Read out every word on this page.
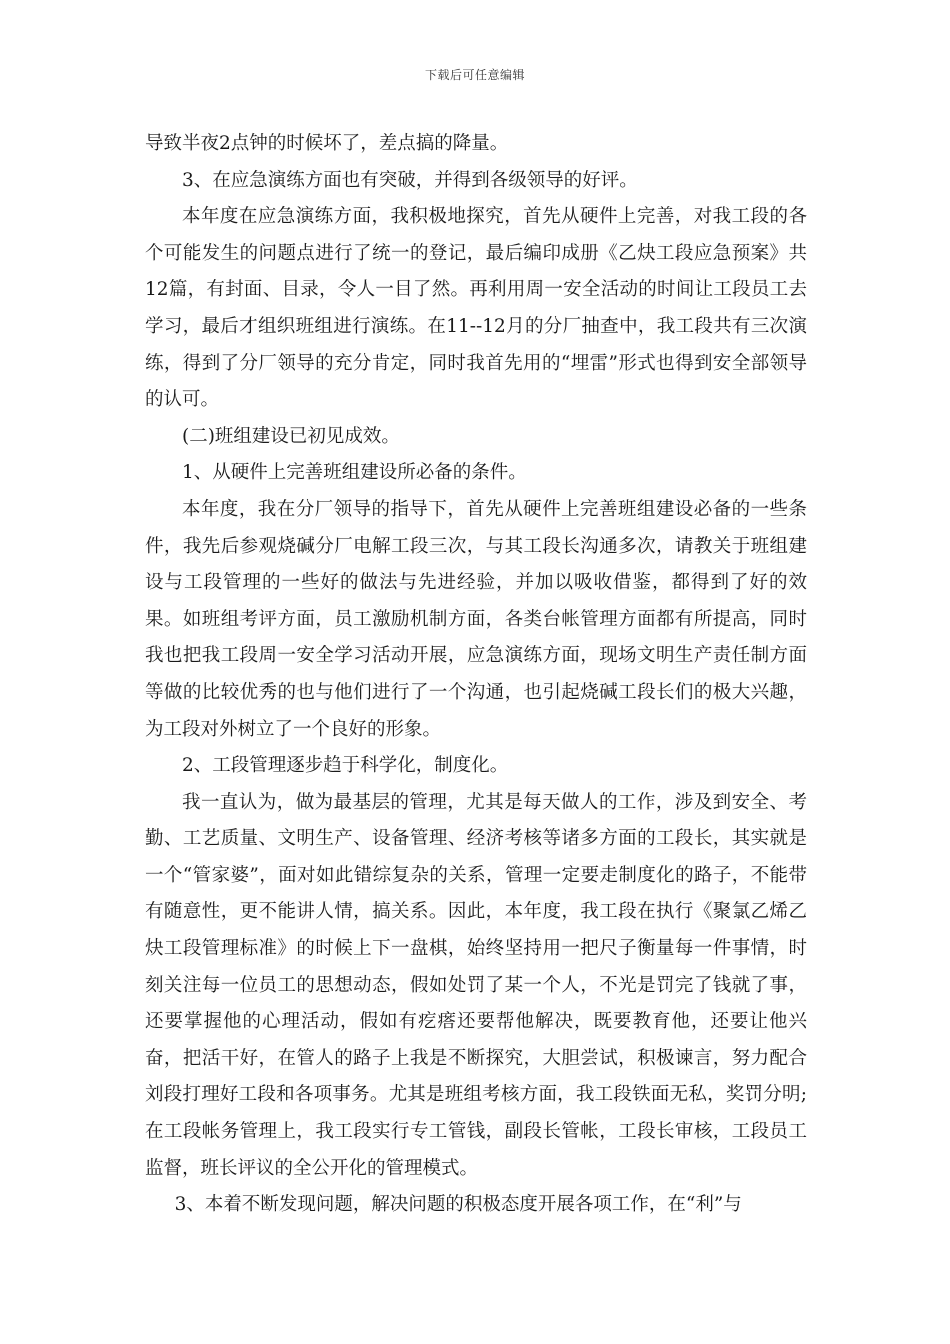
下载后可任意编辑

导致半夜2点钟的时候坏了，差点搞的降量。

3、在应急演练方面也有突破，并得到各级领导的好评。

本年度在应急演练方面，我积极地探究，首先从硬件上完善，对我工段的各个可能发生的问题点进行了统一的登记，最后编印成册《乙炔工段应急预案》共12篇，有封面、目录，令人一目了然。再利用周一安全活动的时间让工段员工去学习，最后才组织班组进行演练。在11--12月的分厂抽查中，我工段共有三次演练，得到了分厂领导的充分肯定，同时我首先用的“埋雷”形式也得到安全部领导的认可。

(二)班组建设已初见成效。

1、从硬件上完善班组建设所必备的条件。

本年度，我在分厂领导的指导下，首先从硬件上完善班组建设必备的一些条件，我先后参观烧碱分厂电解工段三次，与其工段长沟通多次，请教关于班组建设与工段管理的一些好的做法与先进经验，并加以吸收借鉴，都得到了好的效果。如班组考评方面，员工激励机制方面，各类台帐管理方面都有所提高，同时我也把我工段周一安全学习活动开展，应急演练方面，现场文明生产责任制方面等做的比较优秀的也与他们进行了一个沟通，也引起烧碱工段长们的极大兴趣，为工段对外树立了一个良好的形象。

2、工段管理逐步趋于科学化，制度化。

我一直认为，做为最基层的管理，尤其是每天做人的工作，涉及到安全、考勤、工艺质量、文明生产、设备管理、经济考核等诸多方面的工段长，其实就是一个“管家婆”，面对如此错综复杂的关系，管理一定要走制度化的路子，不能带有随意性，更不能讲人情，搞关系。因此，本年度，我工段在执行《聚氯乙烯乙炔工段管理标准》的时候上下一盘棋，始终坚持用一把尺子衡量每一件事情，时刻关注每一位员工的思想动态，假如处罚了某一个人，不光是罚完了钱就了事，还要掌握他的心理活动，假如有疙瘩还要帮他解决，既要教育他，还要让他兴奋，把活干好，在管人的路子上我是不断探究，大胆尝试，积极谏言，努力配合刘段打理好工段和各项事务。尤其是班组考核方面，我工段铁面无私，奖罚分明;在工段帐务管理上，我工段实行专工管钱，副段长管帐，工段长审核，工段员工监督，班长评议的全公开化的管理模式。

3、本着不断发现问题，解决问题的积极态度开展各项工作，在“利”与
